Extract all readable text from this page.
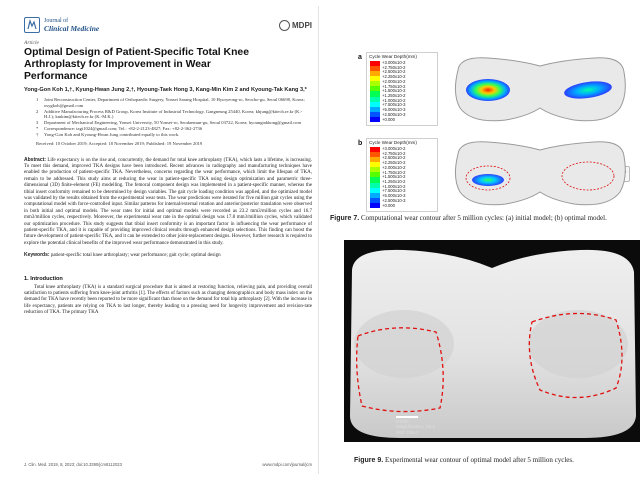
Journal of
Clinical Medicine	MDPI
Article
Optimal Design of Patient-Specific Total Knee Arthroplasty for Improvement in Wear Performance
Yong-Gon Koh 1,†, Kyung-Hwan Jung 2,†, Hyoung-Taek Hong 3, Kang-Min Kim 2 and Kyoung-Tak Kang 3,*
1	Joint Reconstruction Center, Department of Orthopaedic Surgery, Yonsei Sarang Hospital, 10 Hyoryeong-ro, Seocho-gu, Seoul 06698, Korea; osygkoh@gmail.com
2	Additive Manufacturing Process R&D Group, Korea Institute of Industrial Technology, Gangneung 25440, Korea; khjung@kitech.re.kr (K.-H.J.); kmkim@kitech.re.kr (K.-M.K.)
3	Department of Mechanical Engineering, Yonsei University, 50 Yonsei-ro, Seodaemun-gu, Seoul 03722, Korea; hyoungtakhong@gmail.com
*	Correspondence: tagi1024@gmail.com; Tel.: +82-2-2123-4827; Fax: +82-2-362-2736
†	Yong-Gon Koh and Kyoung-Hwan Jung contributed equally to this work.
Received: 10 October 2019; Accepted: 18 November 2019; Published: 19 November 2019
Abstract: Life expectancy is on the rise and, concurrently, the demand for total knee arthroplasty (TKA), which lasts a lifetime, is increasing. To meet this demand, improved TKA designs have been introduced. Recent advances in radiography and manufacturing techniques have enabled the production of patient-specific TKA. Nevertheless, concerns regarding the wear performance, which limit the lifespan of TKA, remain to be addressed. This study aims at reducing the wear in patient-specific TKA using design optimization and parametric three-dimensional (3D) finite-element (FE) modelling. The femoral component design was implemented in a patient-specific manner, whereas the tibial insert conformity remained to be determined by design variables. The gait cycle loading condition was applied, and the optimized model was validated by the results obtained from the experimental wear tests. The wear predictions were iterated for five million gait cycles using the computational model with force-controlled input. Similar patterns for internal/external rotation and anterior/posterior translation were observed in both initial and optimal models. The wear rates for initial and optimal models were recorded as 23.2 mm3/million cycles and 16.7 mm3/million cycles, respectively. Moreover, the experimental wear rate in the optimal design was 17.8 mm3/million cycles, which validated our optimization procedure. This study suggests that tibial insert conformity is an important factor in influencing the wear performance of patient-specific TKA, and it is capable of providing improved clinical results through enhanced design selections. This finding can boost the future development of patient-specific TKA, and it can be extended to other joint-replacement designs. However, further research is required to explore the potential clinical benefits of the improved wear performance demonstrated in this study.
Keywords: patient-specific total knee arthroplasty; wear performance; gait cycle; optimal design
1. Introduction
Total knee arthroplasty (TKA) is a standard surgical procedure that is aimed at restoring function, relieving pain, and providing overall satisfaction to patients suffering from knee-joint arthritis [1]. The effects of factors such as changing demographics and body mass index on the demand for TKA have recently been reported to be more significant than those on the demand for total hip arthroplasty [2]. With the increase in life expectancy, patients are relying on TKA to last longer, thereby leading to a pressing need for longevity improvement and revision-rate reduction of TKA. The primary TKA
J. Clin. Med. 2019, 8, 2023; doi:10.3390/jcm8112023	www.mdpi.com/journal/jcm
a	Cycle Wear Depth(mm)
+3.000x10-2
+2.750x10-2
+2.500x10-2
+2.250x10-2
+2.000x10-2
+1.750x10-2
+1.500x10-2
+1.250x10-2
+1.000x10-2
+7.500x10-3
+5.000x10-3
+2.500x10-3
+0.000
b	Cycle Wear Depth(mm)
+3.000x10-2
+2.750x10-2
+2.500x10-2
+2.250x10-2
+2.000x10-2
+1.750x10-2
+1.500x10-2
+1.250x10-2
+1.000x10-2
+7.500x10-3
+5.000x10-3
+2.500x10-3
+0.000
Figure 7. Computational wear contour after 5 million cycles: (a) initial model; (b) optimal model.
0.04in
Magnification: X5.0
REF ONLY
Figure 9. Experimental wear contour of optimal model after 5 million cycles.
